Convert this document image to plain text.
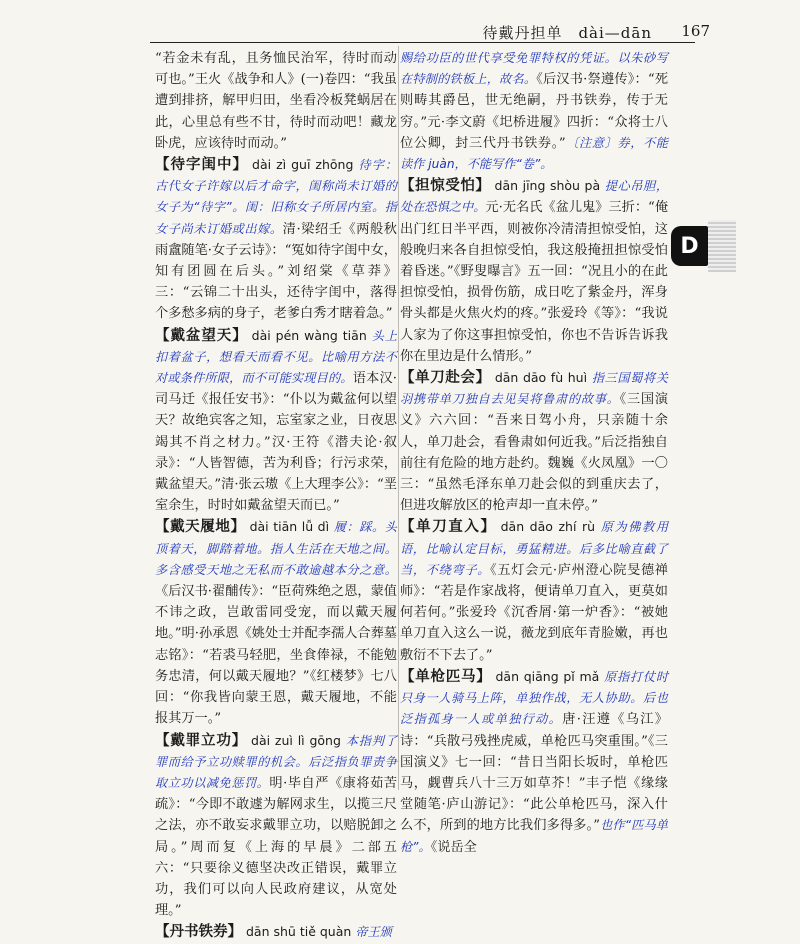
待戴丹担单　dài—dān 167

“若金未有乱，且务恤民治军，待时而动可也。”王火《战争和人》(一)卷四：“我虽遭到排挤，解甲归田，坐看冷板凳蜗居在此，心里总有些不甘，待时而动吧！藏龙卧虎，应该待时而动。”

【待字闺中】 dài zì guī zhōng 待字：古代女子许嫁以后才命字，闺称尚未订婚的女子为“待字”。闺：旧称女子所居内室。指女子尚未订婚或出嫁。清·梁绍壬《两般秋雨盦随笔·女子云诗》：“冤如待字闺中女，知有团圆在后头。”刘绍棠《草莽》三：“云锦二十出头，还待字闺中，落得个多愁多病的身子，老爹白秀才瞎着急。”

【戴盆望天】 dài pén wàng tiān 头上扣着盆子，想看天而看不见。比喻用方法不对或条件所限，而不可能实现目的。语本汉·司马迁《报任安书》：“仆以为戴盆何以望天？故绝宾客之知，忘室家之业，日夜思竭其不肖之材力。”汉·王符《潜夫论·叙录》：“人皆智德，苦为利昏；行污求荣，戴盆望天。”清·张云璈《上大理李公》：“垩室余生，时时如戴盆望天而已。”

【戴天履地】 dài tiān lǚ dì 履：踩。头顶着天，脚踏着地。指人生活在天地之间。多含感受天地之无私而不敢逾越本分之意。《后汉书·翟酺传》：“臣荷殊绝之恩，蒙值不讳之政，岂敢雷同受宠，而以戴天履地。”明·孙承恩《姚处士并配李孺人合葬墓志铭》：“若裘马轻肥，坐食俸禄，不能勉务忠清，何以戴天履地？”《红楼梦》七八回：“你我皆向蒙王恩，戴天履地，不能报其万一。”

【戴罪立功】 dài zuì lì gōng 本指判了罪而给予立功赎罪的机会。后泛指负罪责争取立功以减免惩罚。明·毕自严《康将茹苦疏》：“今即不敢遽为解网求生，以揽三尺之法，亦不敢妄求戴罪立功，以赔脱卸之局。”周而复《上海的早晨》二部五六：“只要徐义德坚决改正错误，戴罪立功，我们可以向人民政府建议，从宽处理。”

【丹书铁券】 dān shū tiě quàn 帝王颁

赐给功臣的世代享受免罪特权的凭证。以朱砂写在特制的铁板上，故名。《后汉书·祭遵传》：“死则畴其爵邑，世无绝嗣，丹书铁券，传于无穷。”元·李文蔚《圯桥进履》四折：“众将士八位公卿，封三代丹书铁券。”〔注意〕券，不能读作 juàn，不能写作“卷”。

【担惊受怕】 dān jīng shòu pà 提心吊胆，处在恐惧之中。元·无名氏《盆儿鬼》三折：“俺出门红日半平西，则被你冷清清担惊受怕，这般晚归来各自担惊受怕，我这般掩扭担惊受怕着昏迷。”《野叟曝言》五一回：“况且小的在此担惊受怕，损骨伤筋，成日吃了紫金丹，浑身骨头都是火焦火灼的疼。”张爱玲《等》：“我说人家为了你这事担惊受怕，你也不告诉告诉我你在里边是什么情形。”

【单刀赴会】 dān dāo fù huì 指三国蜀将关羽携带单刀独自去见吴将鲁肃的故事。《三国演义》六六回：“吾来日驾小舟，只亲随十余人，单刀赴会，看鲁肃如何近我。”后泛指独自前往有危险的地方赴约。魏巍《火凤凰》一〇三：“虽然毛泽东单刀赴会似的到重庆去了，但进攻解放区的枪声却一直未停。”

【单刀直入】 dān dāo zhí rù 原为佛教用语，比喻认定目标，勇猛精进。后多比喻直截了当，不绕弯子。《五灯会元·庐州澄心院旻德禅师》：“若是作家战将，便请单刀直入，更莫如何若何。”张爱玲《沉香屑·第一炉香》：“被她单刀直入这么一说，薇龙到底年青脸嫩，再也敷衍不下去了。”

【单枪匹马】 dān qiāng pǐ mǎ 原指打仗时只身一人骑马上阵，单独作战，无人协助。后也泛指孤身一人或单独行动。唐·汪遵《乌江》诗：“兵散弓残挫虎威，单枪匹马突重围。”《三国演义》七一回：“昔日当阳长坂时，单枪匹马，觑曹兵八十三万如草芥！”丰子恺《缘缘堂随笔·庐山游记》：“此公单枪匹马，深入什么不，所到的地方比我们多得多。”也作“匹马单枪”。《说岳全

D
